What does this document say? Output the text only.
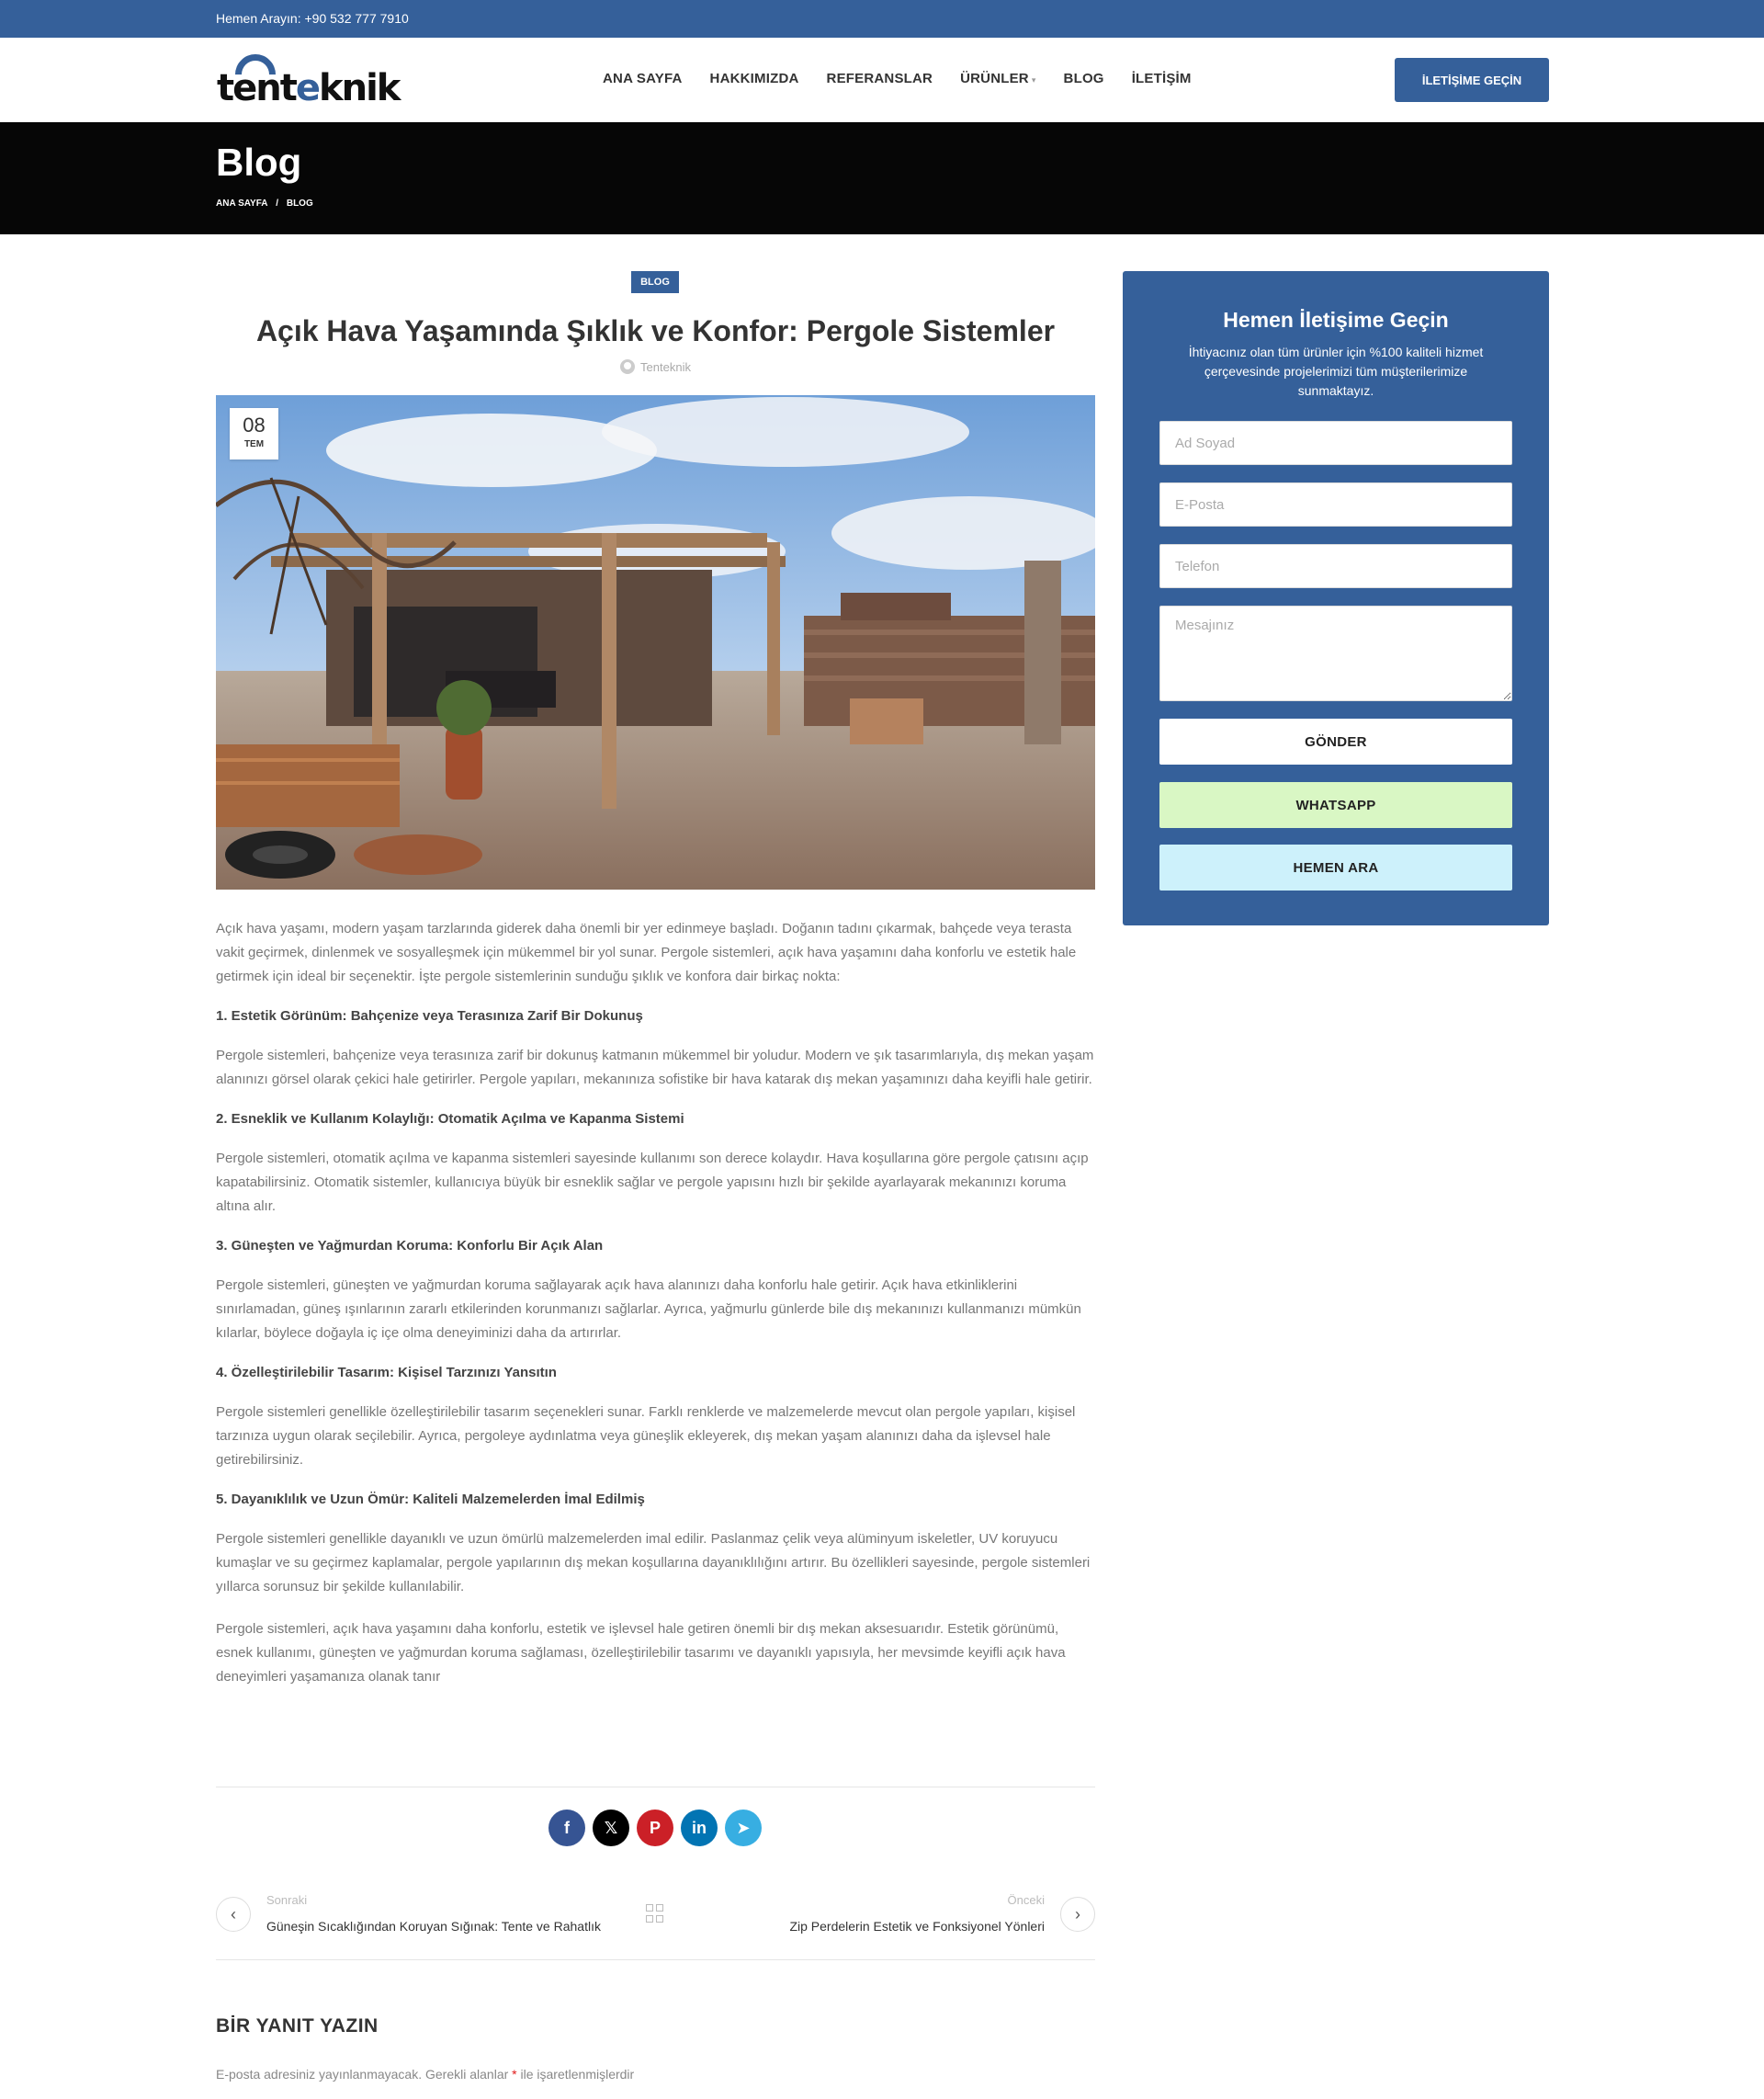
Hemen Arayın: +90 532 777 7910
tenteknik	ANA SAYFA HAKKIMIZDA REFERANSLAR ÜRÜNLER ▾ BLOG İLETİŞİM	İLETİŞİME GEÇİN
Blog
ANA SAYFA / BLOG
BLOG
Açık Hava Yaşamında Şıklık ve Konfor: Pergole Sistemler
Tenteknik
08
TEM

Açık hava yaşamı, modern yaşam tarzlarında giderek daha önemli bir yer edinmeye başladı. Doğanın tadını çıkarmak, bahçede veya terasta vakit geçirmek, dinlenmek ve sosyalleşmek için mükemmel bir yol sunar. Pergole sistemleri, açık hava yaşamını daha konforlu ve estetik hale getirmek için ideal bir seçenektir. İşte pergole sistemlerinin sunduğu şıklık ve konfora dair birkaç nokta:

1. Estetik Görünüm: Bahçenize veya Terasınıza Zarif Bir Dokunuş

Pergole sistemleri, bahçenize veya terasınıza zarif bir dokunuş katmanın mükemmel bir yoludur. Modern ve şık tasarımlarıyla, dış mekan yaşam alanınızı görsel olarak çekici hale getirirler. Pergole yapıları, mekanınıza sofistike bir hava katarak dış mekan yaşamınızı daha keyifli hale getirir.

2. Esneklik ve Kullanım Kolaylığı: Otomatik Açılma ve Kapanma Sistemi

Pergole sistemleri, otomatik açılma ve kapanma sistemleri sayesinde kullanımı son derece kolaydır. Hava koşullarına göre pergole çatısını açıp kapatabilirsiniz. Otomatik sistemler, kullanıcıya büyük bir esneklik sağlar ve pergole yapısını hızlı bir şekilde ayarlayarak mekanınızı koruma altına alır.

3. Güneşten ve Yağmurdan Koruma: Konforlu Bir Açık Alan

Pergole sistemleri, güneşten ve yağmurdan koruma sağlayarak açık hava alanınızı daha konforlu hale getirir. Açık hava etkinliklerini sınırlamadan, güneş ışınlarının zararlı etkilerinden korunmanızı sağlarlar. Ayrıca, yağmurlu günlerde bile dış mekanınızı kullanmanızı mümkün kılarlar, böylece doğayla iç içe olma deneyiminizi daha da artırırlar.

4. Özelleştirilebilir Tasarım: Kişisel Tarzınızı Yansıtın

Pergole sistemleri genellikle özelleştirilebilir tasarım seçenekleri sunar. Farklı renklerde ve malzemelerde mevcut olan pergole yapıları, kişisel tarzınıza uygun olarak seçilebilir. Ayrıca, pergoleye aydınlatma veya güneşlik ekleyerek, dış mekan yaşam alanınızı daha da işlevsel hale getirebilirsiniz.

5. Dayanıklılık ve Uzun Ömür: Kaliteli Malzemelerden İmal Edilmiş

Pergole sistemleri genellikle dayanıklı ve uzun ömürlü malzemelerden imal edilir. Paslanmaz çelik veya alüminyum iskeletler, UV koruyucu kumaşlar ve su geçirmez kaplamalar, pergole yapılarının dış mekan koşullarına dayanıklılığını artırır. Bu özellikleri sayesinde, pergole sistemleri yıllarca sorunsuz bir şekilde kullanılabilir.

Pergole sistemleri, açık hava yaşamını daha konforlu, estetik ve işlevsel hale getiren önemli bir dış mekan aksesuarıdır. Estetik görünümü, esnek kullanımı, güneşten ve yağmurdan koruma sağlaması, özelleştirilebilir tasarımı ve dayanıklı yapısıyla, her mevsimde keyifli açık hava deneyimleri yaşamanıza olanak tanır

f	𝕏	P	in	➤
‹
Sonraki
Güneşin Sıcaklığından Koruyan Sığınak: Tente ve Rahatlık
Önceki
Zip Perdelerin Estetik ve Fonksiyonel Yönleri
›
BİR YANIT YAZIN
E-posta adresiniz yayınlanmayacak. Gerekli alanlar * ile işaretlenmişlerdir
Hemen İletişime Geçin

İhtiyacınız olan tüm ürünler için %100 kaliteli hizmet çerçevesinde projelerimizi tüm müşterilerimize sunmaktayız.

Ad Soyad
E-Posta
Telefon
Mesajınız
GÖNDER
WHATSAPP
HEMEN ARA
